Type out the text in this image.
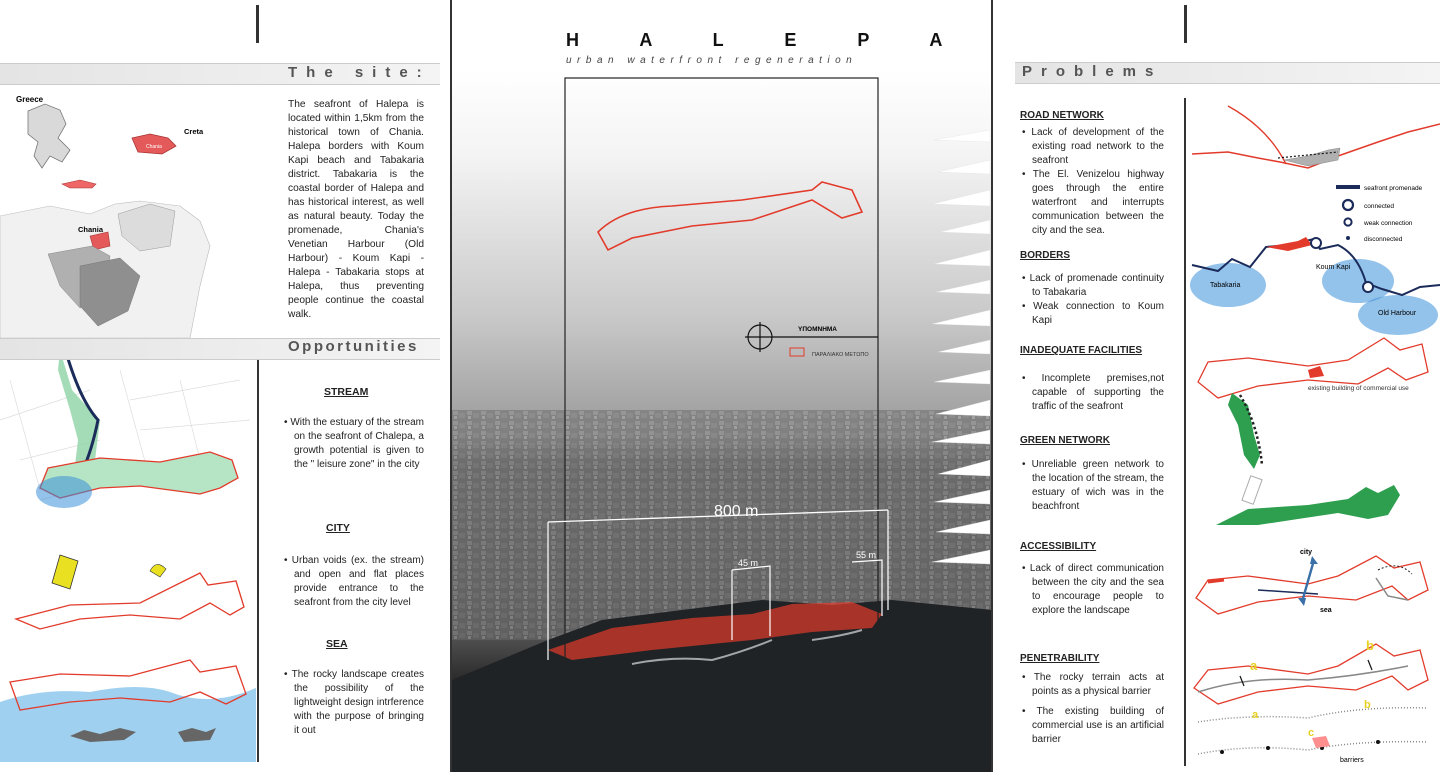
The site:
Greece
Creta
Chania
Chania
The seafront of Halepa is located within 1,5km from the historical town of Chania. Halepa borders with Koum Kapi beach and Tabakaria district. Tabakaria is the coastal border of Halepa and has historical interest, as well as natural beauty. Today the promenade, Chania's Venetian Harbour (Old Harbour) - Koum Kapi - Halepa - Tabakaria stops at Halepa, thus preventing people continue the coastal walk.
Opportunities
STREAM
• With the estuary of the stream on the seafront of Chalepa, a growth potential is given to the " leisure zone" in the city
CITY
• Urban voids (ex. the stream) and open and flat places provide entrance to the seafront from the city level
SEA
• The rocky landscape creates the possibility of the lightweight design intrference with the purpose of bringing it out
ΥΠΟΜΝΗΜΑ
ΠΑΡΑΛΙΑΚΟ ΜΕΤΩΠΟ
800 m
45 m
55 m
H A L E P A
urban waterfront regeneration
Problems
ROAD NETWORK
• Lack of development of the existing road network to the seafront
• The El. Venizelou highway goes through the entire waterfront and interrupts communication between the city and the sea.
BORDERS
• Lack of promenade continuity to Tabakaria
• Weak connection to Koum Kapi
INADEQUATE FACILITIES
• Incomplete premises,not capable of supporting the traffic of the seafront
GREEN NETWORK
• Unreliable green network to the location of the stream, the estuary of wich was in the beachfront
ACCESSIBILITY
• Lack of direct communication between the city and the sea to encourage people to explore the landscape
PENETRABILITY
• The rocky terrain acts at points as a physical barrier
• The existing building of commercial use is an artificial barrier
seafront promenade
connected
weak connection
disconnected
Tabakaria
Koum Kapi
Old Harbour
existing building of commercial use
city
sea
a
b
a
b
c
barriers
